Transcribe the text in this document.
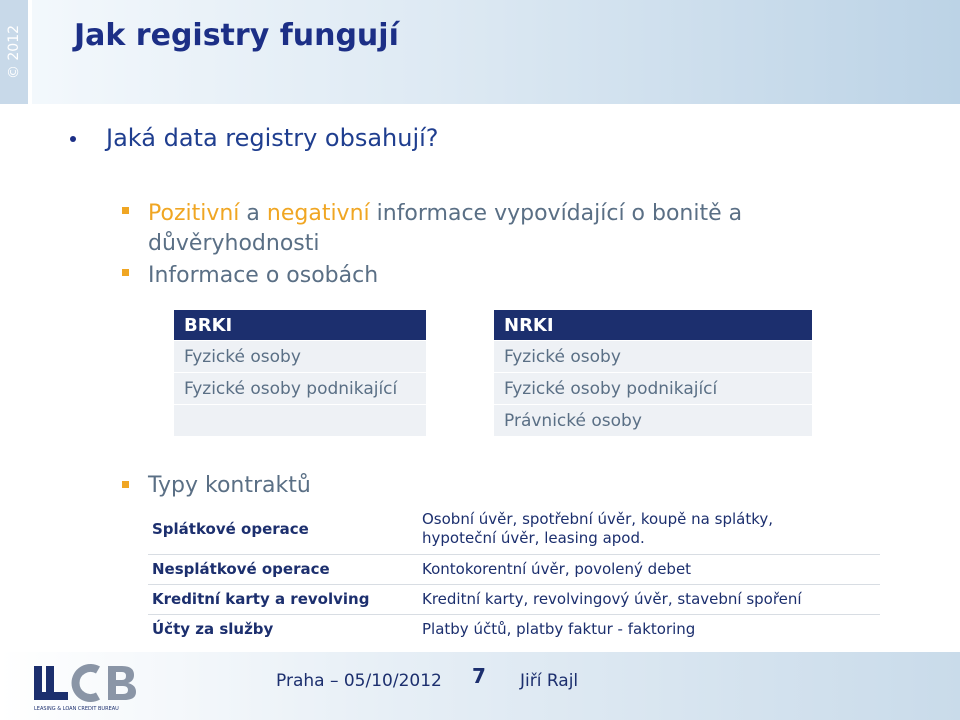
© 2012 Jak registry fungují
Jaká data registry obsahují?
Pozitivní a negativní informace vypovídající o bonitě a
důvěryhodnosti
Informace o osobách
BRKI
Fyzické osoby
Fyzické osoby podnikající

NRKI
Fyzické osoby
Fyzické osoby podnikající
Právnické osoby
Typy kontraktů
Splátkové operace	Osobní úvěr, spotřební úvěr, koupě na splátky,
hypoteční úvěr, leasing apod.
Nesplátkové operace	Kontokorentní úvěr, povolený debet
Kreditní karty a revolving	Kreditní karty, revolvingový úvěr, stavební spoření
Účty za služby	Platby účtů, platby faktur - faktoring
LEASING & LOAN CREDIT BUREAU
Praha – 05/10/2012 7 Jiří Rajl
